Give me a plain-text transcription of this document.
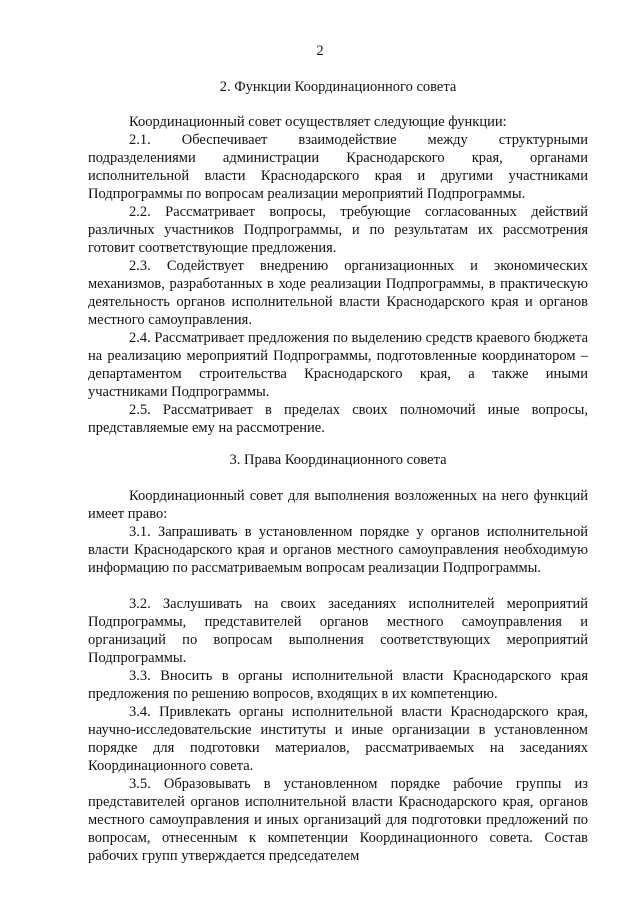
2
2. Функции Координационного совета

Координационный совет осуществляет следующие функции:

2.1. Обеспечивает взаимодействие между структурными подразделениями администрации Краснодарского края, органами исполнительной власти Краснодарского края и другими участниками Подпрограммы по вопросам реализации мероприятий Подпрограммы.

2.2. Рассматривает вопросы, требующие согласованных действий различных участников Подпрограммы, и по результатам их рассмотрения готовит соответствующие предложения.

2.3. Содействует внедрению организационных и экономических механизмов, разработанных в ходе реализации Подпрограммы, в практическую деятельность органов исполнительной власти Краснодарского края и органов местного самоуправления.

2.4. Рассматривает предложения по выделению средств краевого бюджета на реализацию мероприятий Подпрограммы, подготовленные координатором – департаментом строительства Краснодарского края, а также иными участниками Подпрограммы.

2.5. Рассматривает в пределах своих полномочий иные вопросы, представляемые ему на рассмотрение.

3. Права Координационного совета

Координационный совет для выполнения возложенных на него функций имеет право:

3.1. Запрашивать в установленном порядке у органов исполнительной власти Краснодарского края и органов местного самоуправления необходимую информацию по рассматриваемым вопросам реализации Подпрограммы.

3.2. Заслушивать на своих заседаниях исполнителей мероприятий Подпрограммы, представителей органов местного самоуправления и организаций по вопросам выполнения соответствующих мероприятий Подпрограммы.

3.3. Вносить в органы исполнительной власти Краснодарского края предложения по решению вопросов, входящих в их компетенцию.

3.4. Привлекать органы исполнительной власти Краснодарского края, научно-исследовательские институты и иные организации в установленном порядке для подготовки материалов, рассматриваемых на заседаниях Координационного совета.

3.5. Образовывать в установленном порядке рабочие группы из представителей органов исполнительной власти Краснодарского края, органов местного самоуправления и иных организаций для подготовки предложений по вопросам, отнесенным к компетенции Координационного совета. Состав рабочих групп утверждается председателем
